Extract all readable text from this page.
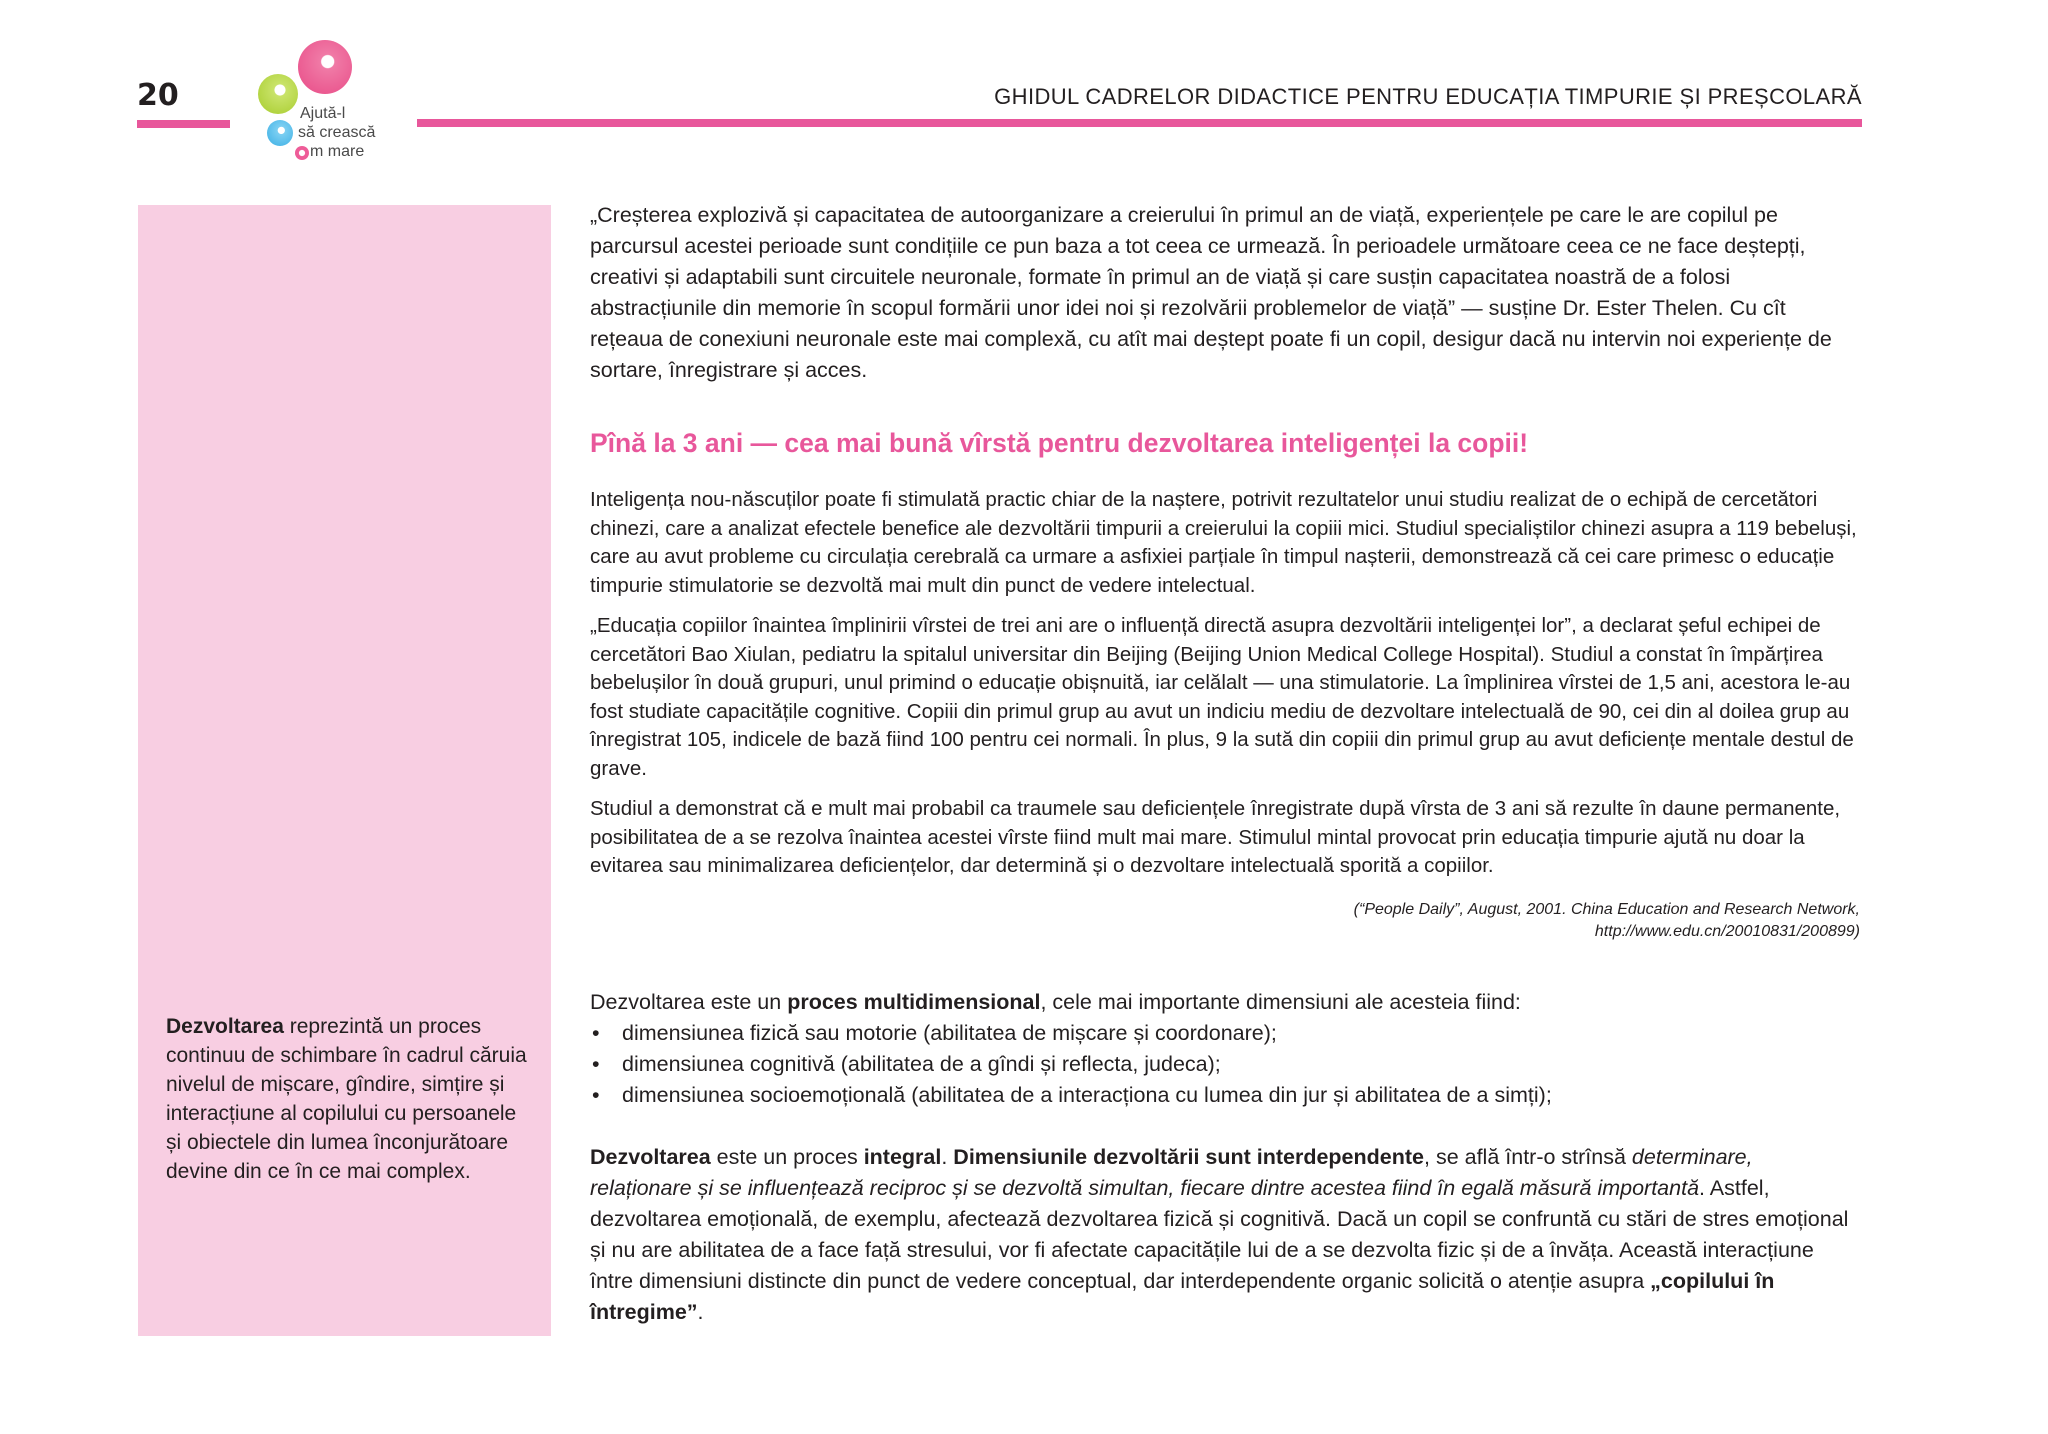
20
Ajută-l
să crească
m mare
GHIDUL CADRELOR DIDACTICE PENTRU EDUCAȚIA TIMPURIE ȘI PREȘCOLARĂ
Dezvoltarea reprezintă un proces continuu de schimbare în cadrul căruia nivelul de mișcare, gîndire, simțire și interacțiune al copilului cu persoanele și obiectele din lumea înconjurătoare devine din ce în ce mai complex.

„Creșterea explozivă și capacitatea de autoorganizare a creierului în primul an de viață, experiențele pe care le are copilul pe parcursul acestei perioade sunt condițiile ce pun baza a tot ceea ce urmează. În perioadele următoare ceea ce ne face deștepți, creativi și adaptabili sunt circuitele neuronale, formate în primul an de viață și care susțin capacitatea noastră de a folosi abstracțiunile din memorie în scopul formării unor idei noi și rezolvării problemelor de viață” — susține Dr. Ester Thelen. Cu cît rețeaua de conexiuni neuronale este mai complexă, cu atît mai deștept poate fi un copil, desigur dacă nu intervin noi experiențe de sortare, înregistrare și acces.

Pînă la 3 ani — cea mai bună vîrstă pentru dezvoltarea inteligenței la copii!

Inteligența nou-născuților poate fi stimulată practic chiar de la naștere, potrivit rezultatelor unui studiu realizat de o echipă de cercetători chinezi, care a analizat efectele benefice ale dezvoltării timpurii a creierului la copiii mici. Studiul specialiștilor chinezi asupra a 119 bebeluși, care au avut probleme cu circulația cerebrală ca urmare a asfixiei parțiale în timpul nașterii, demonstrează că cei care primesc o educație timpurie stimulatorie se dezvoltă mai mult din punct de vedere intelectual.

„Educația copiilor înaintea împlinirii vîrstei de trei ani are o influență directă asupra dezvoltării inteligenței lor”, a declarat șeful echipei de cercetători Bao Xiulan, pediatru la spitalul universitar din Beijing (Beijing Union Medical College Hospital). Studiul a constat în împărțirea bebelușilor în două grupuri, unul primind o educație obișnuită, iar celălalt — una stimulatorie. La împlinirea vîrstei de 1,5 ani, acestora le-au fost studiate capacitățile cognitive. Copiii din primul grup au avut un indiciu mediu de dezvoltare intelectuală de 90, cei din al doilea grup au înregistrat 105, indicele de bază fiind 100 pentru cei normali. În plus, 9 la sută din copiii din primul grup au avut deficiențe mentale destul de grave.

Studiul a demonstrat că e mult mai probabil ca traumele sau deficiențele înregistrate după vîrsta de 3 ani să rezulte în daune permanente, posibilitatea de a se rezolva înaintea acestei vîrste fiind mult mai mare. Stimulul mintal provocat prin educația timpurie ajută nu doar la evitarea sau minimalizarea deficiențelor, dar determină și o dezvoltare intelectuală sporită a copiilor.

(“People Daily”, August, 2001. China Education and Research Network,
http://www.edu.cn/20010831/200899)

Dezvoltarea este un proces multidimensional, cele mai importante dimensiuni ale acesteia fiind:

• dimensiunea fizică sau motorie (abilitatea de mișcare și coordonare);
• dimensiunea cognitivă (abilitatea de a gîndi și reflecta, judeca);
• dimensiunea socioemoțională (abilitatea de a interacționa cu lumea din jur și abilitatea de a simți);

Dezvoltarea este un proces integral. Dimensiunile dezvoltării sunt interdependente, se află într-o strînsă determinare, relaționare și se influențează reciproc și se dezvoltă simultan, fiecare dintre acestea fiind în egală măsură importantă. Astfel, dezvoltarea emoțională, de exemplu, afectează dezvoltarea fizică și cognitivă. Dacă un copil se confruntă cu stări de stres emoțional și nu are abilitatea de a face față stresului, vor fi afectate capacitățile lui de a se dezvolta fizic și de a învăța. Această interacțiune între dimensiuni distincte din punct de vedere conceptual, dar interdependente organic solicită o atenție asupra „copilului în întregime”.
